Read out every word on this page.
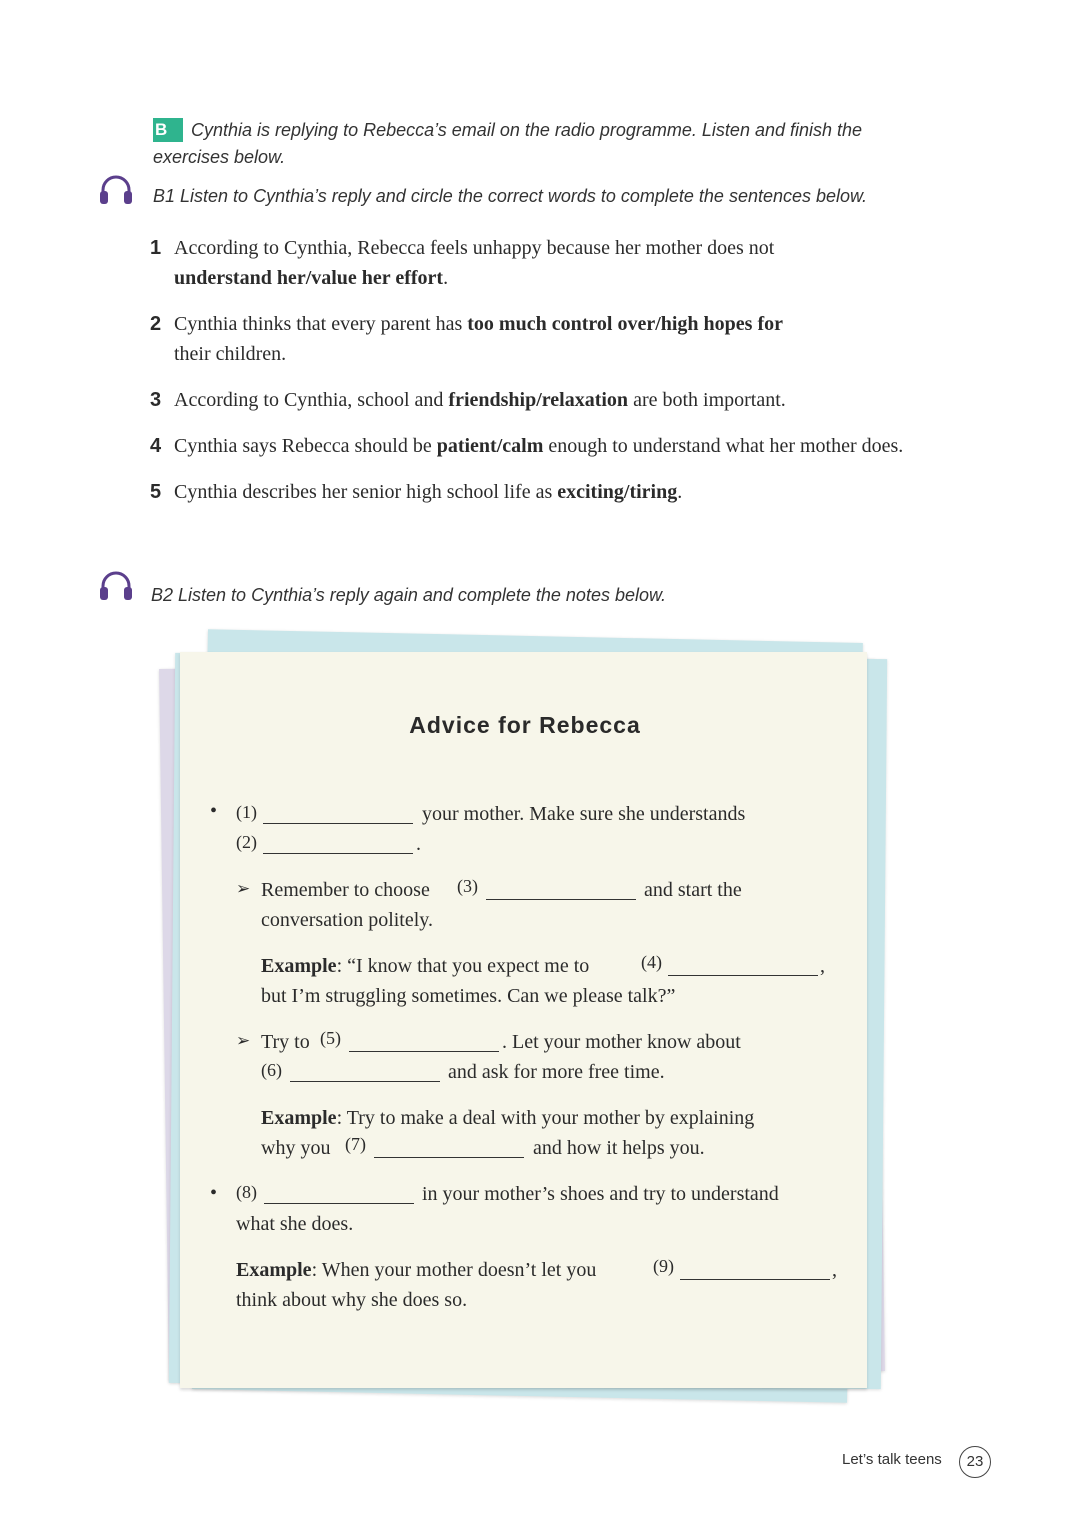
B Cynthia is replying to Rebecca’s email on the radio programme. Listen and finish the exercises below.
B1 Listen to Cynthia’s reply and circle the correct words to complete the sentences below.
1 According to Cynthia, Rebecca feels unhappy because her mother does not
understand her/value her effort.
2 Cynthia thinks that every parent has too much control over/high hopes for
their children.
3 According to Cynthia, school and friendship/relaxation are both important.
4 Cynthia says Rebecca should be patient/calm enough to understand what her mother does.
5 Cynthia describes her senior high school life as exciting/tiring.
B2 Listen to Cynthia’s reply again and complete the notes below.
Advice for Rebecca
• (1)	your mother. Make sure she understands
(2)	.
➢ Remember to choose (3)	and start the
conversation politely.
Example: “I know that you expect me to	(4)	,
but I’m struggling sometimes. Can we please talk?”
➢ Try to (5)	. Let your mother know about
(6)	and ask for more free time.
Example: Try to make a deal with your mother by explaining
why you (7)	and how it helps you.
• (8)	in your mother’s shoes and try to understand
what she does.
Example: When your mother doesn’t let you	(9)	,
think about why she does so.
Let’s talk teens	23
